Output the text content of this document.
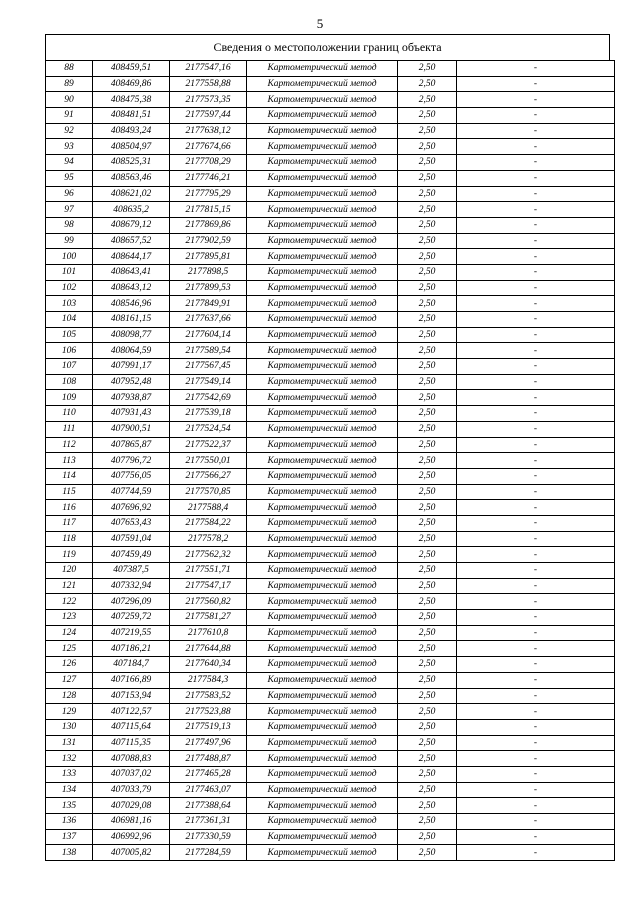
5
Сведения о местоположении границ объекта
88	408459,51	2177547,16	Картометрический метод	2,50	-
89	408469,86	2177558,88	Картометрический метод	2,50	-
90	408475,38	2177573,35	Картометрический метод	2,50	-
91	408481,51	2177597,44	Картометрический метод	2,50	-
92	408493,24	2177638,12	Картометрический метод	2,50	-
93	408504,97	2177674,66	Картометрический метод	2,50	-
94	408525,31	2177708,29	Картометрический метод	2,50	-
95	408563,46	2177746,21	Картометрический метод	2,50	-
96	408621,02	2177795,29	Картометрический метод	2,50	-
97	408635,2	2177815,15	Картометрический метод	2,50	-
98	408679,12	2177869,86	Картометрический метод	2,50	-
99	408657,52	2177902,59	Картометрический метод	2,50	-
100	408644,17	2177895,81	Картометрический метод	2,50	-
101	408643,41	2177898,5	Картометрический метод	2,50	-
102	408643,12	2177899,53	Картометрический метод	2,50	-
103	408546,96	2177849,91	Картометрический метод	2,50	-
104	408161,15	2177637,66	Картометрический метод	2,50	-
105	408098,77	2177604,14	Картометрический метод	2,50	-
106	408064,59	2177589,54	Картометрический метод	2,50	-
107	407991,17	2177567,45	Картометрический метод	2,50	-
108	407952,48	2177549,14	Картометрический метод	2,50	-
109	407938,87	2177542,69	Картометрический метод	2,50	-
110	407931,43	2177539,18	Картометрический метод	2,50	-
111	407900,51	2177524,54	Картометрический метод	2,50	-
112	407865,87	2177522,37	Картометрический метод	2,50	-
113	407796,72	2177550,01	Картометрический метод	2,50	-
114	407756,05	2177566,27	Картометрический метод	2,50	-
115	407744,59	2177570,85	Картометрический метод	2,50	-
116	407696,92	2177588,4	Картометрический метод	2,50	-
117	407653,43	2177584,22	Картометрический метод	2,50	-
118	407591,04	2177578,2	Картометрический метод	2,50	-
119	407459,49	2177562,32	Картометрический метод	2,50	-
120	407387,5	2177551,71	Картометрический метод	2,50	-
121	407332,94	2177547,17	Картометрический метод	2,50	-
122	407296,09	2177560,82	Картометрический метод	2,50	-
123	407259,72	2177581,27	Картометрический метод	2,50	-
124	407219,55	2177610,8	Картометрический метод	2,50	-
125	407186,21	2177644,88	Картометрический метод	2,50	-
126	407184,7	2177640,34	Картометрический метод	2,50	-
127	407166,89	2177584,3	Картометрический метод	2,50	-
128	407153,94	2177583,52	Картометрический метод	2,50	-
129	407122,57	2177523,88	Картометрический метод	2,50	-
130	407115,64	2177519,13	Картометрический метод	2,50	-
131	407115,35	2177497,96	Картометрический метод	2,50	-
132	407088,83	2177488,87	Картометрический метод	2,50	-
133	407037,02	2177465,28	Картометрический метод	2,50	-
134	407033,79	2177463,07	Картометрический метод	2,50	-
135	407029,08	2177388,64	Картометрический метод	2,50	-
136	406981,16	2177361,31	Картометрический метод	2,50	-
137	406992,96	2177330,59	Картометрический метод	2,50	-
138	407005,82	2177284,59	Картометрический метод	2,50	-
